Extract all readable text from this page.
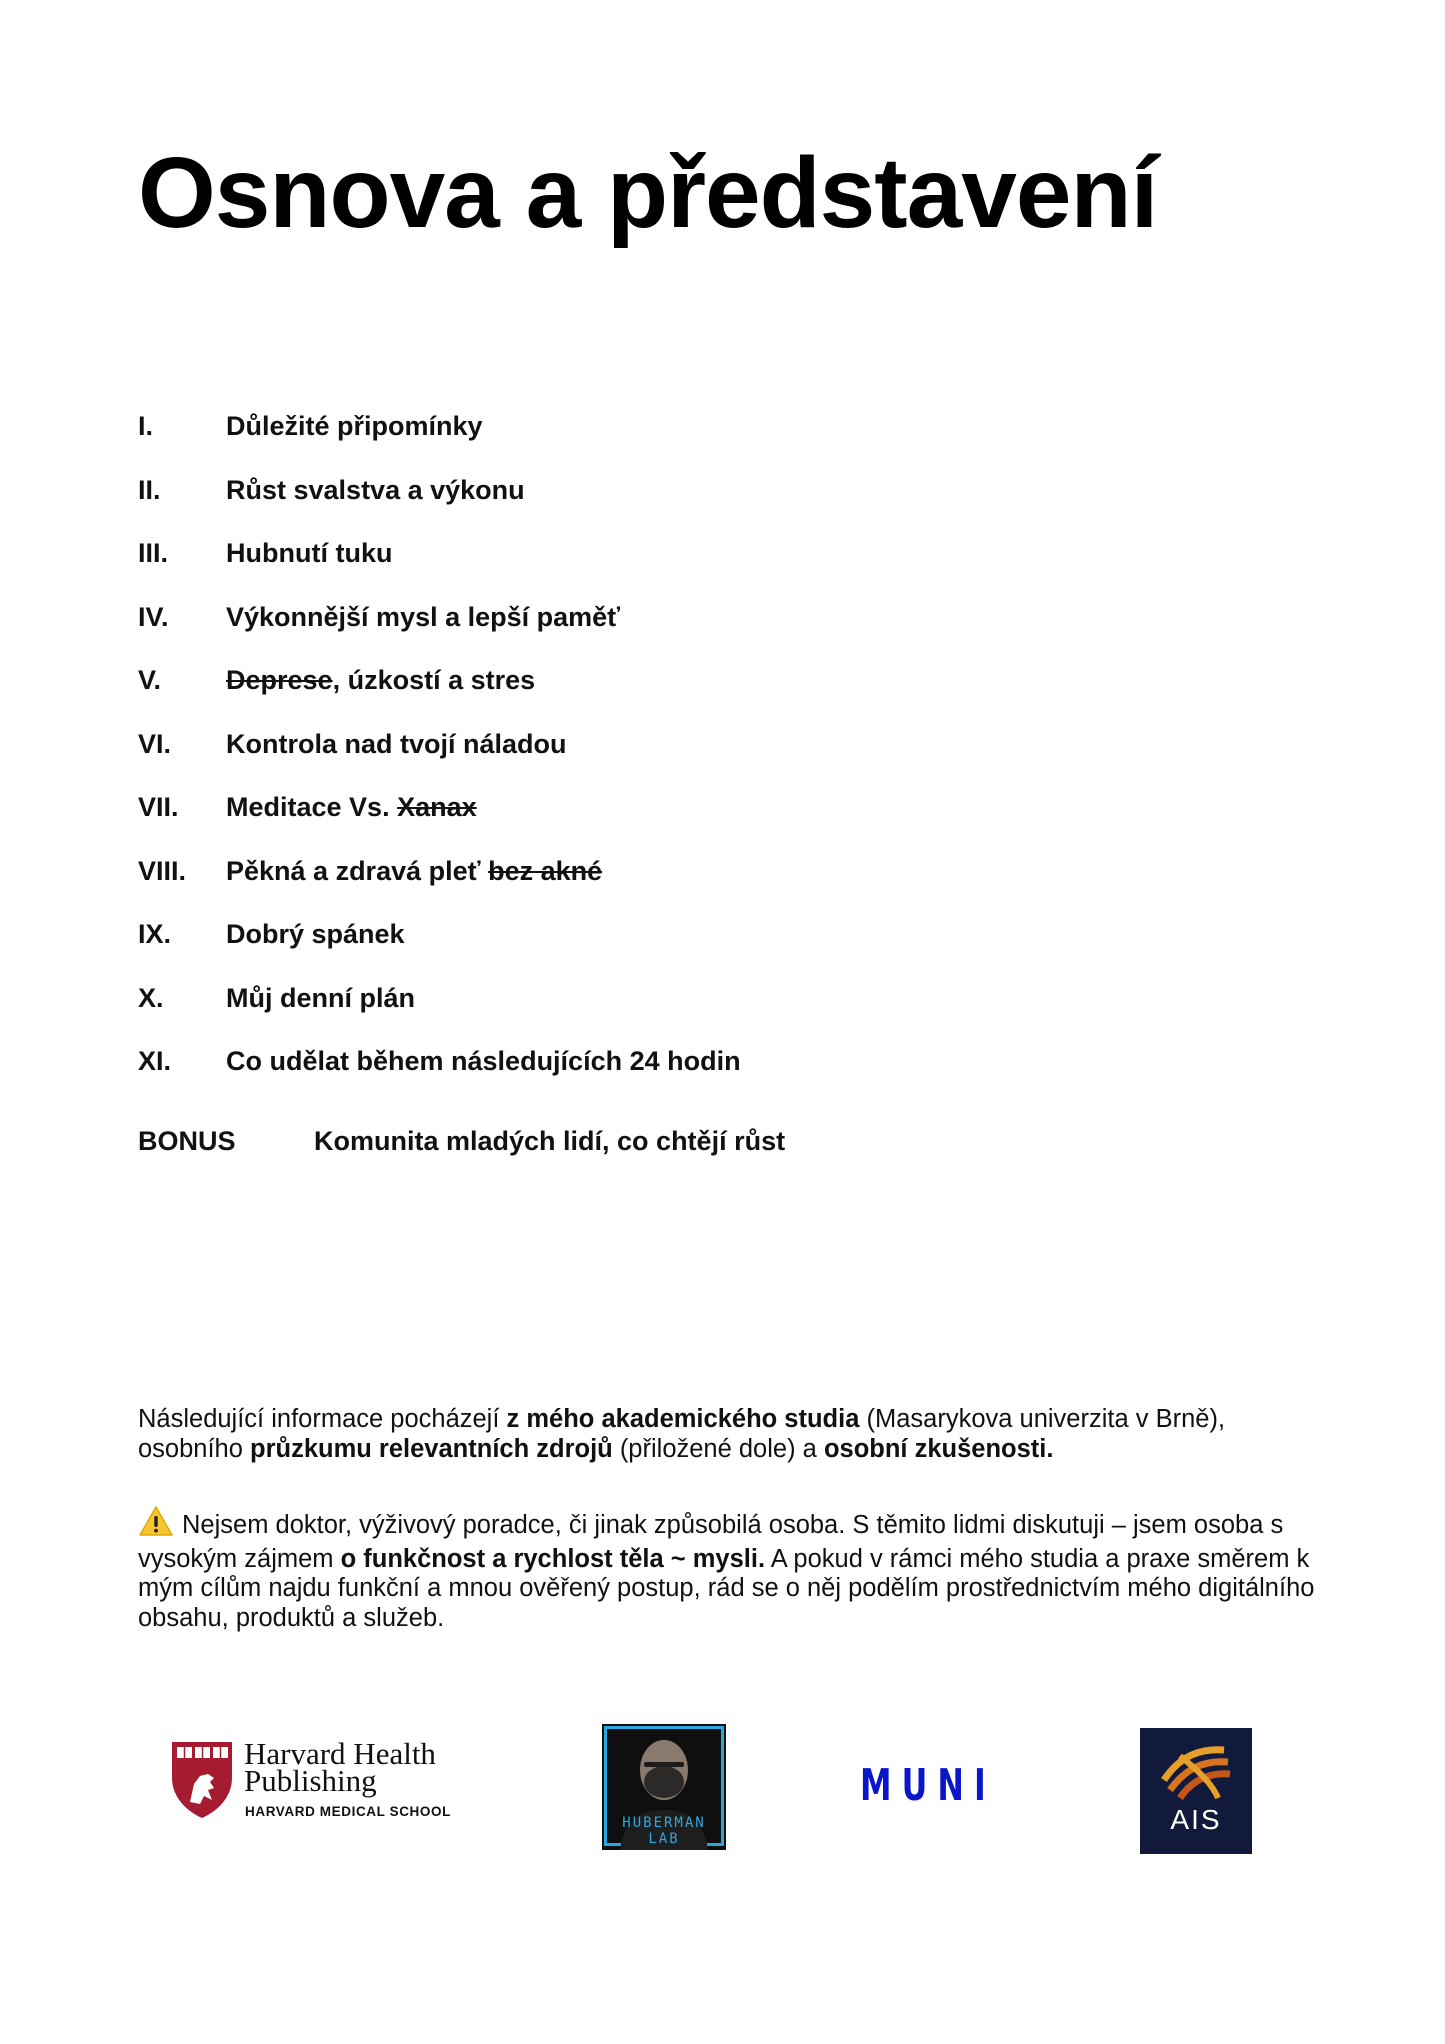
Osnova a představení
I.	Důležité připomínky
II.	Růst svalstva a výkonu
III.	Hubnutí tuku
IV.	Výkonnější mysl a lepší paměť
V.	Deprese, úzkostí a stres
VI.	Kontrola nad tvojí náladou
VII.	Meditace Vs. Xanax
VIII.	Pěkná a zdravá pleť bez akné
IX.	Dobrý spánek
X.	Můj denní plán
XI.	Co udělat během následujících 24 hodin
BONUS	Komunita mladých lidí, co chtějí růst

Následující informace pocházejí z mého akademického studia (Masarykova univerzita v Brně), osobního průzkumu relevantních zdrojů (přiložené dole) a osobní zkušenosti.

Nejsem doktor, výživový poradce, či jinak způsobilá osoba. S těmito lidmi diskutuji – jsem osoba s vysokým zájmem o funkčnost a rychlost těla ~ mysli. A pokud v rámci mého studia a praxe směrem k mým cílům najdu funkční a mnou ověřený postup, rád se o něj podělím prostřednictvím mého digitálního obsahu, produktů a služeb.

Harvard Health
Publishing
HARVARD MEDICAL SCHOOL
HUBERMAN
LAB
MUNI
AIS
